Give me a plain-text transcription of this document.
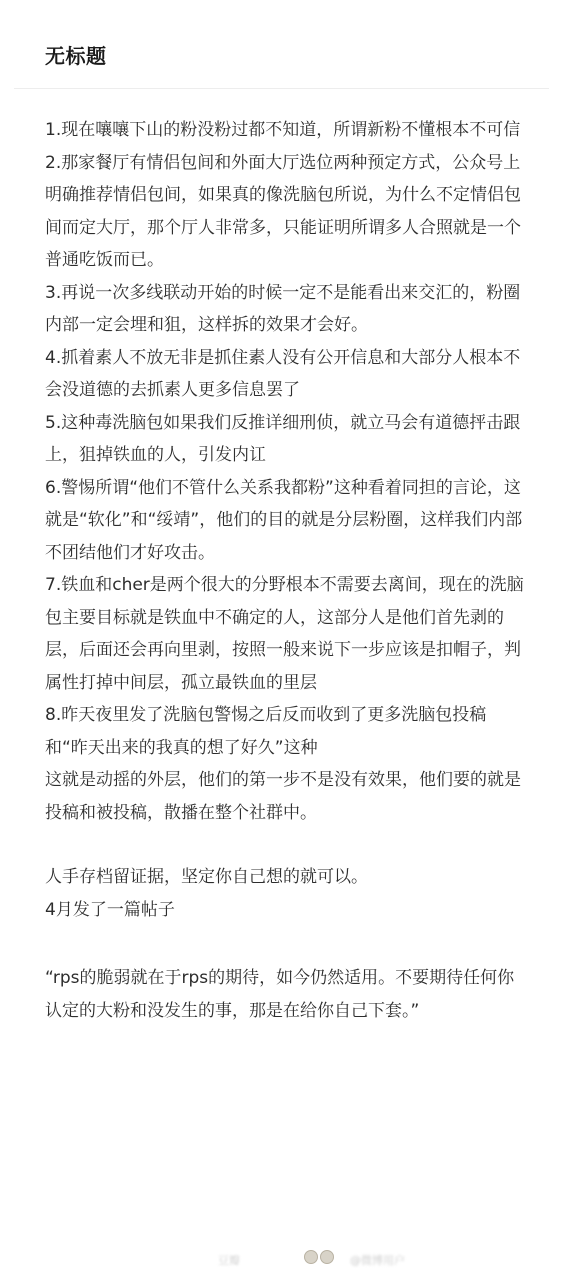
无标题

1.现在嚷嚷下山的粉没粉过都不知道，所谓新粉不懂根本不可信

2.那家餐厅有情侣包间和外面大厅选位两种预定方式，公众号上明确推荐情侣包间，如果真的像洗脑包所说，为什么不定情侣包间而定大厅，那个厅人非常多，只能证明所谓多人合照就是一个普通吃饭而已。

3.再说一次多线联动开始的时候一定不是能看出来交汇的，粉圈内部一定会埋和狙，这样拆的效果才会好。

4.抓着素人不放无非是抓住素人没有公开信息和大部分人根本不会没道德的去抓素人更多信息罢了

5.这种毒洗脑包如果我们反推详细刑侦，就立马会有道德抨击跟上，狙掉铁血的人，引发内讧

6.警惕所谓“他们不管什么关系我都粉”这种看着同担的言论，这就是“软化”和“绥靖”，他们的目的就是分层粉圈，这样我们内部不团结他们才好攻击。

7.铁血和cher是两个很大的分野根本不需要去离间，现在的洗脑包主要目标就是铁血中不确定的人，这部分人是他们首先剥的层，后面还会再向里剥，按照一般来说下一步应该是扣帽子，判属性打掉中间层，孤立最铁血的里层

8.昨天夜里发了洗脑包警惕之后反而收到了更多洗脑包投稿和“昨天出来的我真的想了好久”这种

这就是动摇的外层，他们的第一步不是没有效果，他们要的就是投稿和被投稿，散播在整个社群中。

人手存档留证据，坚定你自己想的就可以。

4月发了一篇帖子

“rps的脆弱就在于rps的期待，如今仍然适用。不要期待任何你认定的大粉和没发生的事，那是在给你自己下套。”

豆瓣	@微博用户
